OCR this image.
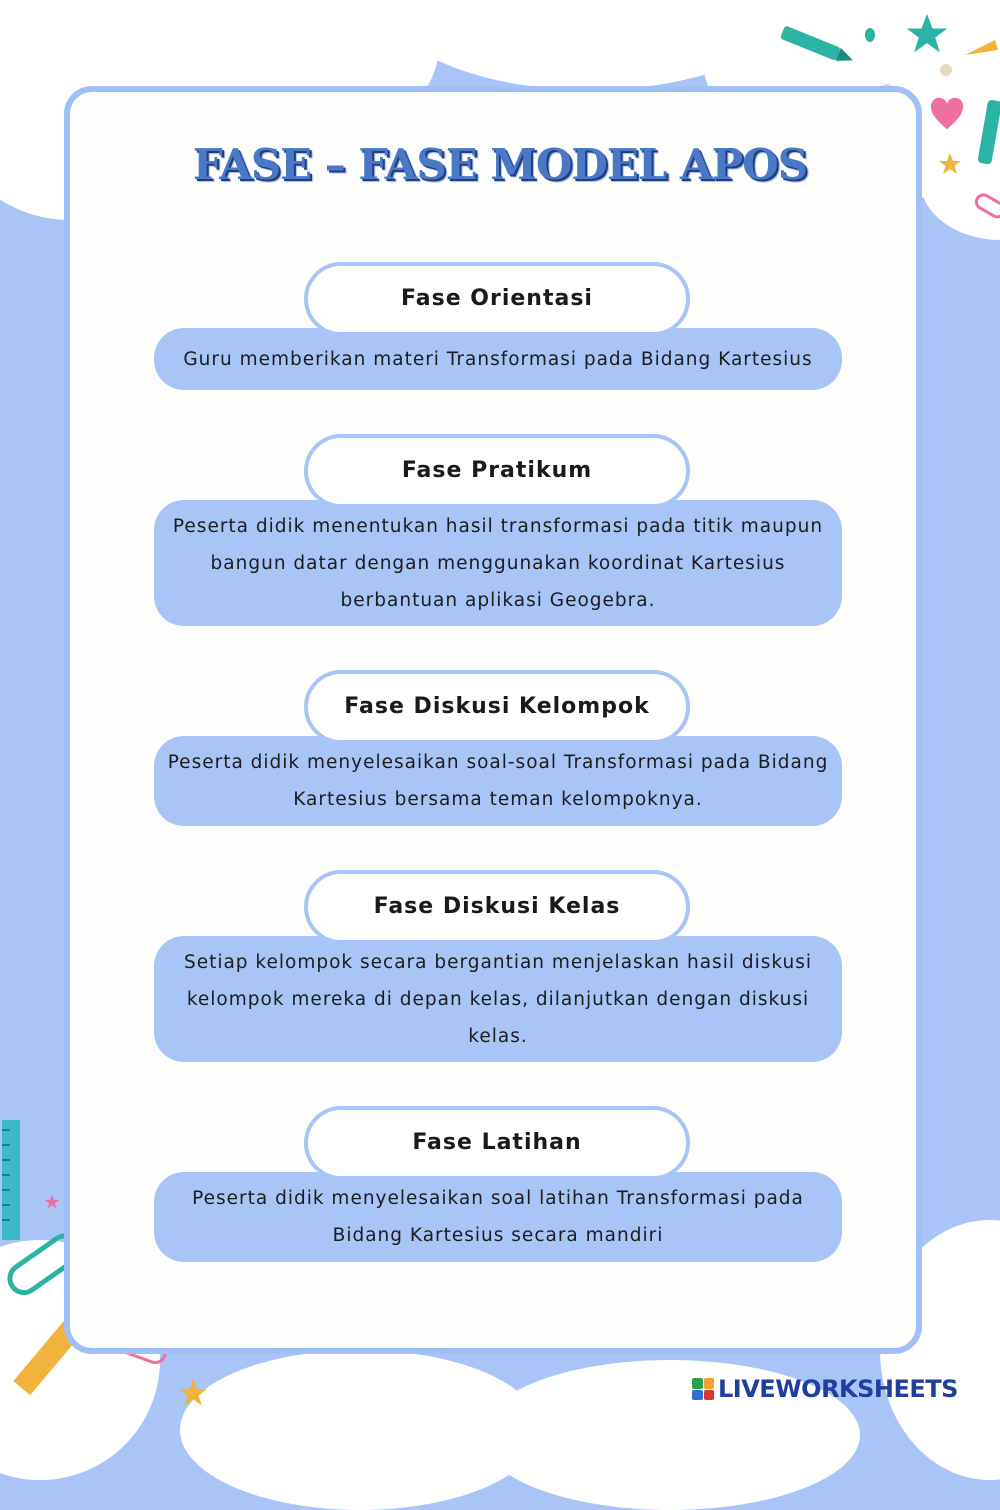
FASE – FASE MODEL APOS
Guru memberikan materi Transformasi pada Bidang Kartesius
Fase Orientasi
Peserta didik menentukan hasil transformasi pada titik maupun bangun datar dengan menggunakan koordinat Kartesius berbantuan aplikasi Geogebra.
Fase Pratikum
Peserta didik menyelesaikan soal-soal Transformasi pada Bidang Kartesius bersama teman kelompoknya.
Fase Diskusi Kelompok
Setiap kelompok secara bergantian menjelaskan hasil diskusi kelompok mereka di depan kelas, dilanjutkan dengan diskusi kelas.
Fase Diskusi Kelas
Peserta didik menyelesaikan soal latihan Transformasi pada Bidang Kartesius secara mandiri
Fase Latihan
LIVEWORKSHEETS
